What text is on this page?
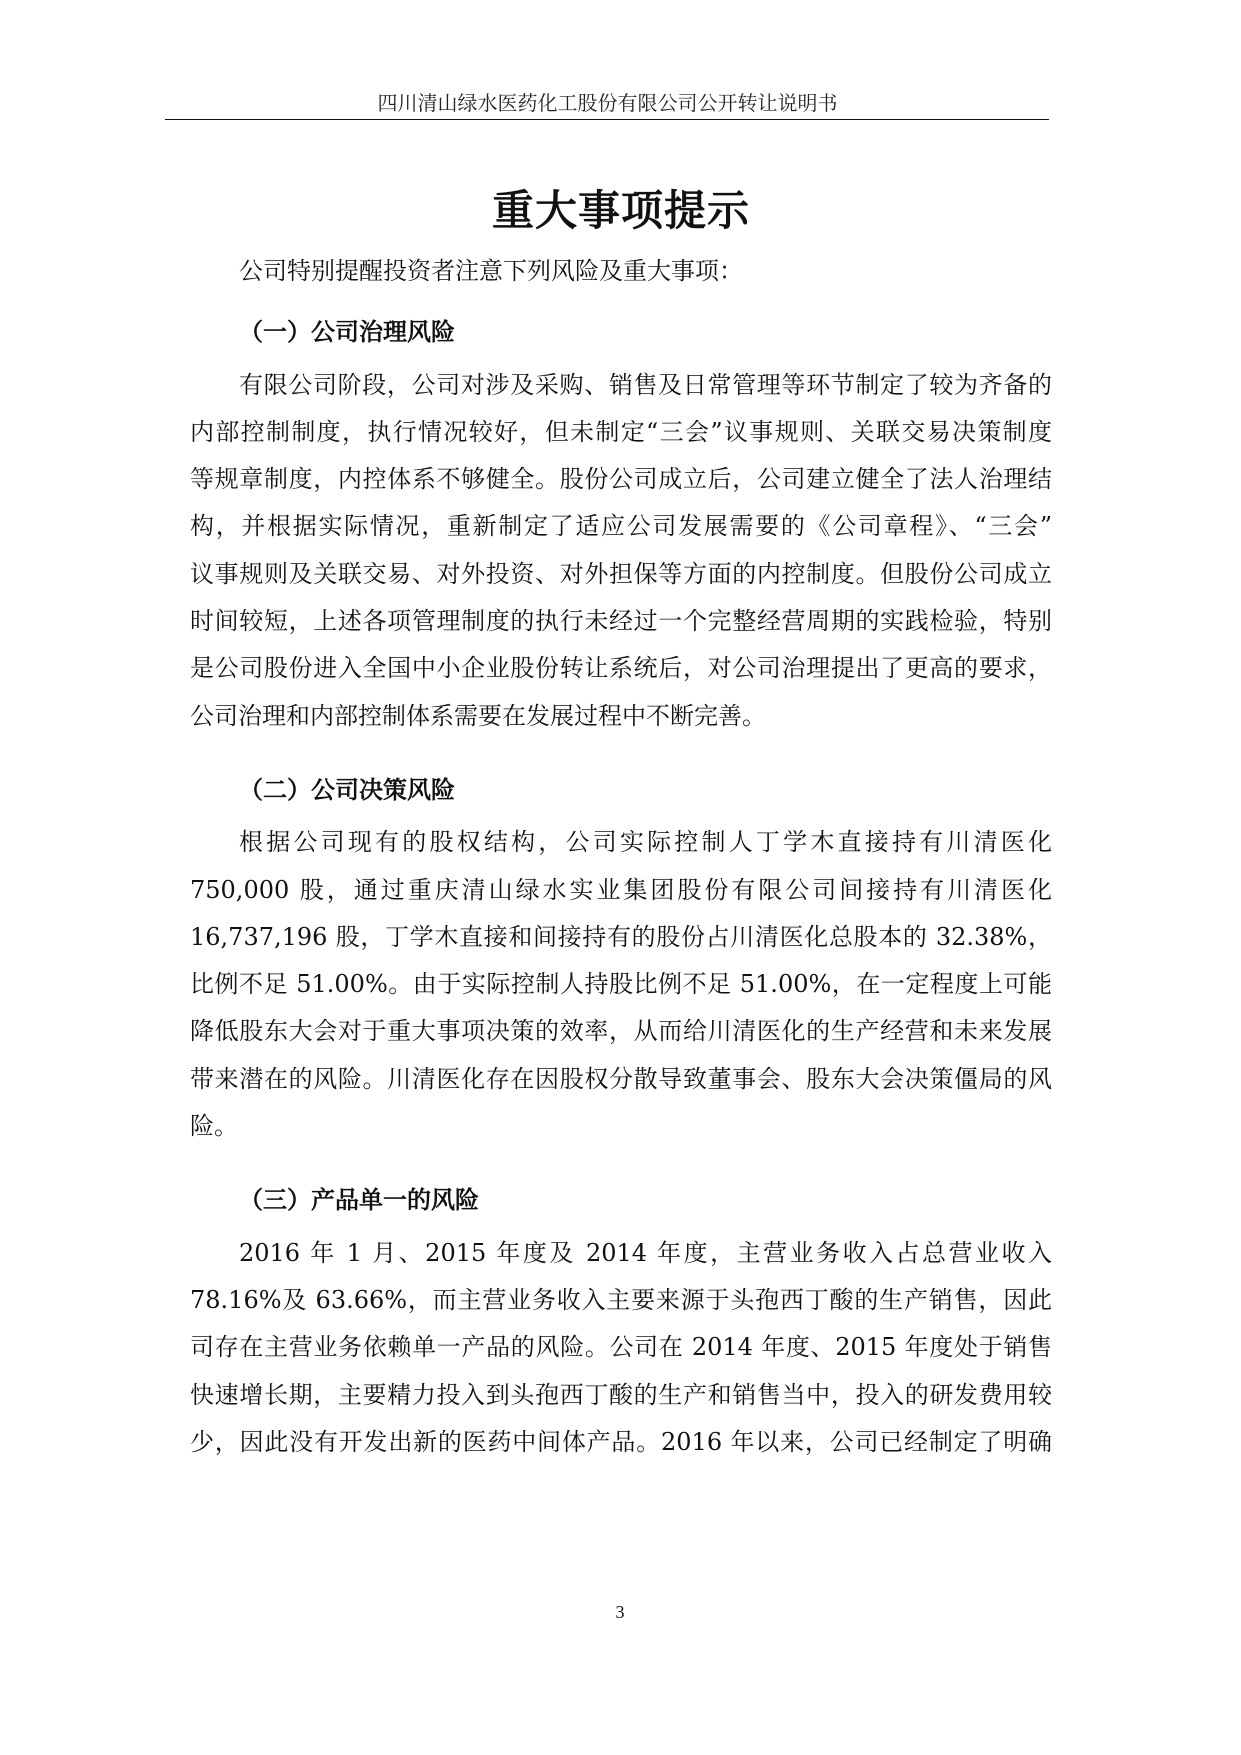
四川清山绿水医药化工股份有限公司公开转让说明书
重大事项提示
公司特别提醒投资者注意下列风险及重大事项：
（一）公司治理风险
有限公司阶段，公司对涉及采购、销售及日常管理等环节制定了较为齐备的
内部控制制度，执行情况较好，但未制定“三会”议事规则、关联交易决策制度
等规章制度，内控体系不够健全。股份公司成立后，公司建立健全了法人治理结
构，并根据实际情况，重新制定了适应公司发展需要的《公司章程》、“三会”
议事规则及关联交易、对外投资、对外担保等方面的内控制度。但股份公司成立
时间较短，上述各项管理制度的执行未经过一个完整经营周期的实践检验，特别
是公司股份进入全国中小企业股份转让系统后，对公司治理提出了更高的要求，
公司治理和内部控制体系需要在发展过程中不断完善。
（二）公司决策风险
根据公司现有的股权结构，公司实际控制人丁学木直接持有川清医化
750,000 股，通过重庆清山绿水实业集团股份有限公司间接持有川清医化
16,737,196 股，丁学木直接和间接持有的股份占川清医化总股本的 32.38%，
比例不足 51.00%。由于实际控制人持股比例不足 51.00%，在一定程度上可能
降低股东大会对于重大事项决策的效率，从而给川清医化的生产经营和未来发展
带来潜在的风险。川清医化存在因股权分散导致董事会、股东大会决策僵局的风
险。
（三）产品单一的风险
2016 年 1 月、2015 年度及 2014 年度，主营业务收入占总营业收入
78.16%及 63.66%，而主营业务收入主要来源于头孢西丁酸的生产销售，因此
司存在主营业务依赖单一产品的风险。公司在 2014 年度、2015 年度处于销售
快速增长期，主要精力投入到头孢西丁酸的生产和销售当中，投入的研发费用较
少，因此没有开发出新的医药中间体产品。2016 年以来，公司已经制定了明确
3
